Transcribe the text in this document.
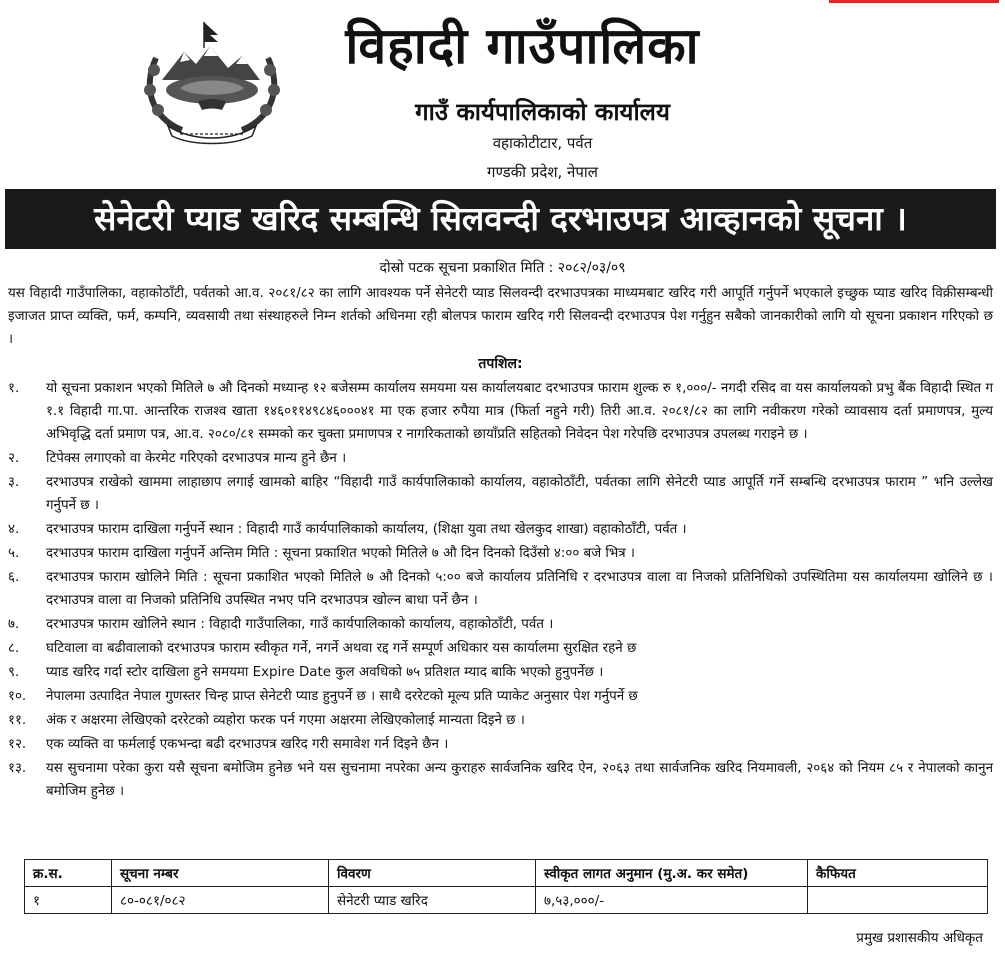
विहादी गाउँपालिका
गाउँ कार्यपालिकाको कार्यालय
वहाकोटीटार, पर्वत
गण्डकी प्रदेश, नेपाल
सेनेटरी प्याड खरिद सम्बन्धि सिलवन्दी दरभाउपत्र आव्हानको सूचना ।
दोस्रो पटक सूचना प्रकाशित मिति : २०८२/०३/०९

यस विहादी गाउँपालिका, वहाकोठाँटी, पर्वतको आ.व. २०८१/८२ का लागि आवश्यक पर्ने सेनेटरी प्याड सिलवन्दी दरभाउपत्रका माध्यमबाट खरिद गरी आपूर्ति गर्नुपर्ने भएकाले इच्छुक प्याड खरिद विक्रीसम्बन्धी इजाजत प्राप्त व्यक्ति, फर्म, कम्पनि, व्यवसायी तथा संस्थाहरुले निम्न शर्तको अधिनमा रही बोलपत्र फाराम खरिद गरी सिलवन्दी दरभाउपत्र पेश गर्नुहुन सबैको जानकारीको लागि यो सूचना प्रकाशन गरिएको छ ।

तपशिल:
१.	यो सूचना प्रकाशन भएको मितिले ७ औ दिनको मध्यान्ह १२ बजेसम्म कार्यालय समयमा यस कार्यालयबाट दरभाउपत्र फाराम शुल्क रु १,०००/- नगदी रसिद वा यस कार्यालयको प्रभु बैंक विहादी स्थित ग १.१ विहादी गा.पा. आन्तरिक राजश्व खाता १४६०११४९८४६०००४१ मा एक हजार रुपैया मात्र (फिर्ता नहुने गरी) तिरी आ.व. २०८१/८२ का लागि नवीकरण गरेको व्यावसाय दर्ता प्रमाणपत्र, मुल्य अभिवृद्धि दर्ता प्रमाण पत्र, आ.व. २०८०/८१ सम्मको कर चुक्ता प्रमाणपत्र र नागरिकताको छायाँप्रति सहितको निवेदन पेश गरेपछि दरभाउपत्र उपलब्ध गराइने छ ।
२.	टिपेक्स लगाएको वा केरमेट गरिएको दरभाउपत्र मान्य हुने छैन ।
३.	दरभाउपत्र राखेको खाममा लाहाछाप लगाई खामको बाहिर “विहादी गाउँ कार्यपालिकाको कार्यालय, वहाकोठाँटी, पर्वतका लागि सेनेटरी प्याड आपूर्ति गर्ने सम्बन्धि दरभाउपत्र फाराम ” भनि उल्लेख गर्नुपर्ने छ ।
४.	दरभाउपत्र फाराम दाखिला गर्नुपर्ने स्थान : विहादी गाउँ कार्यपालिकाको कार्यालय, (शिक्षा युवा तथा खेलकुद शाखा) वहाकोठाँटी, पर्वत ।
५.	दरभाउपत्र फाराम दाखिला गर्नुपर्ने अन्तिम मिति : सूचना प्रकाशित भएको मितिले ७ औ दिन दिनको दिउँसो ४:०० बजे भित्र ।
६.	दरभाउपत्र फाराम खोलिने मिति : सूचना प्रकाशित भएको मितिले ७ औ दिनको ५:०० बजे कार्यालय प्रतिनिधि र दरभाउपत्र वाला वा निजको प्रतिनिधिको उपस्थितिमा यस कार्यालयमा खोलिने छ । दरभाउपत्र वाला वा निजको प्रतिनिधि उपस्थित नभए पनि दरभाउपत्र खोल्न बाधा पर्ने छैन ।
७.	दरभाउपत्र फाराम खोलिने स्थान : विहादी गाउँपालिका, गाउँ कार्यपालिकाको कार्यालय, वहाकोठाँटी, पर्वत ।
८.	घटिवाला वा बढीवालाको दरभाउपत्र फाराम स्वीकृत गर्ने, नगर्ने अथवा रद्द गर्ने सम्पूर्ण अधिकार यस कार्यालमा सुरक्षित रहने छ
९.	प्याड खरिद गर्दा स्टोर दाखिला हुने समयमा Expire Date कुल अवधिको ७५ प्रतिशत म्याद बाकि भएको हुनुपर्नेछ ।
१०.	नेपालमा उत्पादित नेपाल गुणस्तर चिन्ह प्राप्त सेनेटरी प्याड हुनुपर्ने छ । साथै दररेटको मूल्य प्रति प्याकेट अनुसार पेश गर्नुपर्ने छ
११.	अंक र अक्षरमा लेखिएको दररेटको व्यहोरा फरक पर्न गएमा अक्षरमा लेखिएकोलाई मान्यता दिइने छ ।
१२.	एक व्यक्ति वा फर्मलाई एकभन्दा बढी दरभाउपत्र खरिद गरी समावेश गर्न दिइने छैन ।
१३.	यस सुचनामा परेका कुरा यसै सूचना बमोजिम हुनेछ भने यस सुचनामा नपरेका अन्य कुराहरु सार्वजनिक खरिद ऐन, २०६३ तथा सार्वजनिक खरिद नियमावली, २०६४ को नियम ८५ र नेपालको कानुन बमोजिम हुनेछ ।
क्र.स.	सूचना नम्बर	विवरण	स्वीकृत लागत अनुमान (मु.अ. कर समेत)	कैफियत
१	८०-०८१/०८२	सेनेटरी प्याड खरिद	७,५३,०००/-	
प्रमुख प्रशासकीय अधिकृत
